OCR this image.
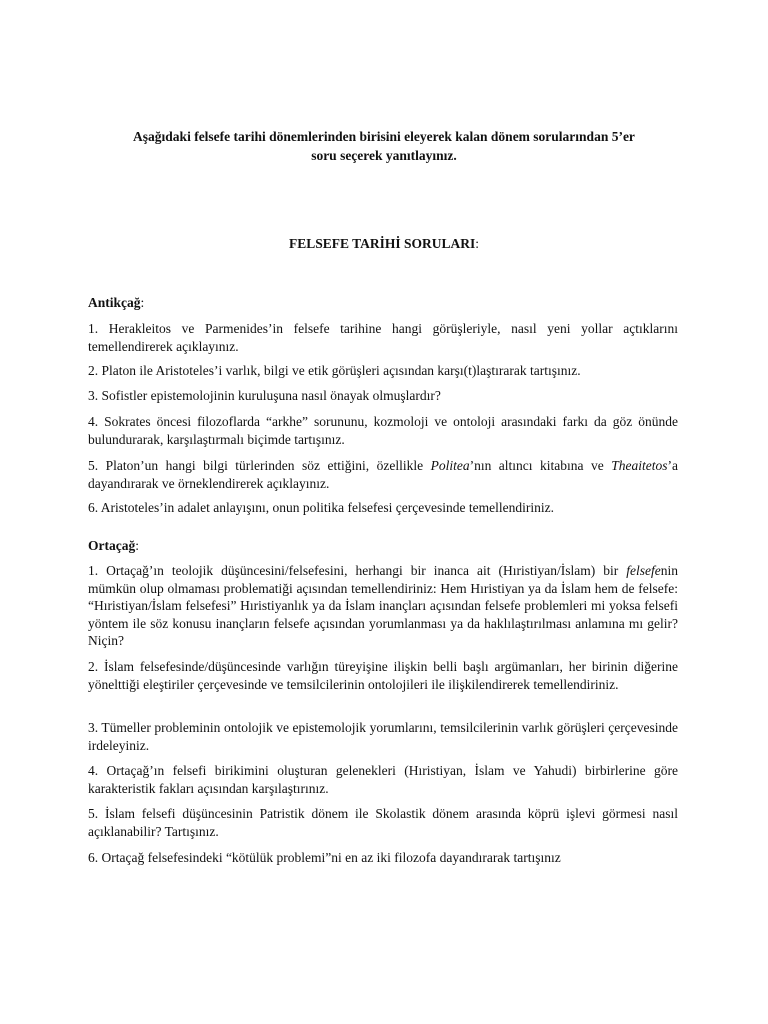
Aşağıdaki felsefe tarihi dönemlerinden birisini eleyerek kalan dönem sorularından 5’er
soru seçerek yanıtlayınız.
FELSEFE TARİHİ SORULARI:
Antikçağ:

1. Herakleitos ve Parmenides’in felsefe tarihine hangi görüşleriyle, nasıl yeni yollar açtıklarını temellendirerek açıklayınız.

2. Platon ile Aristoteles’i varlık, bilgi ve etik görüşleri açısından karşı(t)laştırarak tartışınız.

3. Sofistler epistemolojinin kuruluşuna nasıl önayak olmuşlardır?

4. Sokrates öncesi filozoflarda “arkhe” sorununu, kozmoloji ve ontoloji arasındaki farkı da göz önünde bulundurarak, karşılaştırmalı biçimde tartışınız.

5. Platon’un hangi bilgi türlerinden söz ettiğini, özellikle Politea’nın altıncı kitabına ve Theaitetos’a dayandırarak ve örneklendirerek açıklayınız.

6. Aristoteles’in adalet anlayışını, onun politika felsefesi çerçevesinde temellendiriniz.

Ortaçağ:

1. Ortaçağ’ın teolojik düşüncesini/felsefesini, herhangi bir inanca ait (Hıristiyan/İslam) bir felsefenin mümkün olup olmaması problematiği açısından temellendiriniz: Hem Hıristiyan ya da İslam hem de felsefe: “Hıristiyan/İslam felsefesi” Hıristiyanlık ya da İslam inançları açısından felsefe problemleri mi yoksa felsefi yöntem ile söz konusu inançların felsefe açısından yorumlanması ya da haklılaştırılması anlamına mı gelir? Niçin?

2. İslam felsefesinde/düşüncesinde varlığın türeyişine ilişkin belli başlı argümanları, her birinin diğerine yönelttiği eleştiriler çerçevesinde ve temsilcilerinin ontolojileri ile ilişkilendirerek temellendiriniz.

3. Tümeller probleminin ontolojik ve epistemolojik yorumlarını, temsilcilerinin varlık görüşleri çerçevesinde irdeleyiniz.

4. Ortaçağ’ın felsefi birikimini oluşturan gelenekleri (Hıristiyan, İslam ve Yahudi) birbirlerine göre karakteristik fakları açısından karşılaştırınız.

5. İslam felsefi düşüncesinin Patristik dönem ile Skolastik dönem arasında köprü işlevi görmesi nasıl açıklanabilir? Tartışınız.

6. Ortaçağ felsefesindeki “kötülük problemi”ni en az iki filozofa dayandırarak tartışınız
